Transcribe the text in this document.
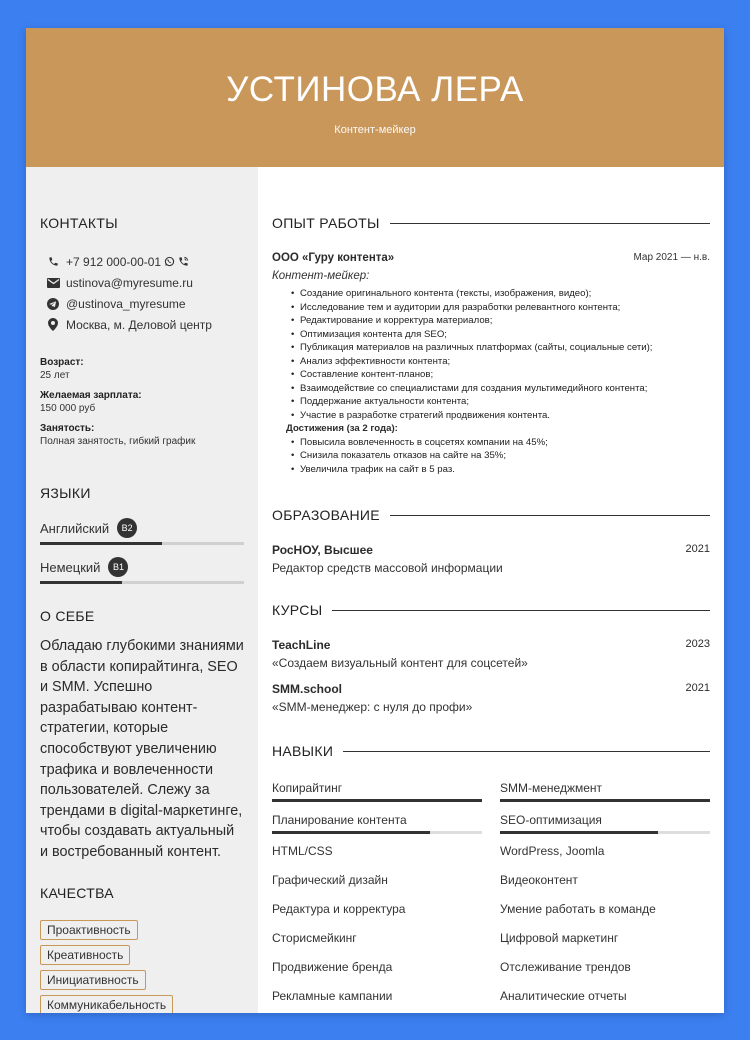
УСТИНОВА ЛЕРА
Контент-мейкер
КОНТАКТЫ
+7 912 000-00-01
ustinova@myresume.ru
@ustinova_myresume
Москва, м. Деловой центр
Возраст:
25 лет
Желаемая зарплата:
150 000 руб
Занятость:
Полная занятость, гибкий график
ЯЗЫКИ
Английский	B2
Немецкий	B1
О СЕБЕ
Обладаю глубокими знаниями в области копирайтинга, SEO и SMM. Успешно разрабатываю контент-стратегии, которые способствуют увеличению трафика и вовлеченности пользователей. Слежу за трендами в digital-маркетинге, чтобы создавать актуальный и востребованный контент.
КАЧЕСТВА
Проактивность
Креативность
Инициативность
Коммуникабельность
ОПЫТ РАБОТЫ
ООО «Гуру контента»	Мар 2021 — н.в.
Контент-мейкер:
• Создание оригинального контента (тексты, изображения, видео);
• Исследование тем и аудитории для разработки релевантного контента;
• Редактирование и корректура материалов;
• Оптимизация контента для SEO;
• Публикация материалов на различных платформах (сайты, социальные сети);
• Анализ эффективности контента;
• Составление контент-планов;
• Взаимодействие со специалистами для создания мультимедийного контента;
• Поддержание актуальности контента;
• Участие в разработке стратегий продвижения контента.
Достижения (за 2 года):
• Повысила вовлеченность в соцсетях компании на 45%;
• Снизила показатель отказов на сайте на 35%;
• Увеличила трафик на сайт в 5 раз.
ОБРАЗОВАНИЕ
РосНОУ, Высшее	2021
Редактор средств массовой информации
КУРСЫ
TeachLine	2023
«Создаем визуальный контент для соцсетей»
SMM.school	2021
«SMM-менеджер: с нуля до профи»
НАВЫКИ
Копирайтинг	SMM-менеджмент
Планирование контента	SEO-оптимизация
HTML/CSS	WordPress, Joomla
Графический дизайн	Видеоконтент
Редактура и корректура	Умение работать в команде
Сторисмейкинг	Цифровой маркетинг
Продвижение бренда	Отслеживание трендов
Рекламные кампании	Аналитические отчеты
